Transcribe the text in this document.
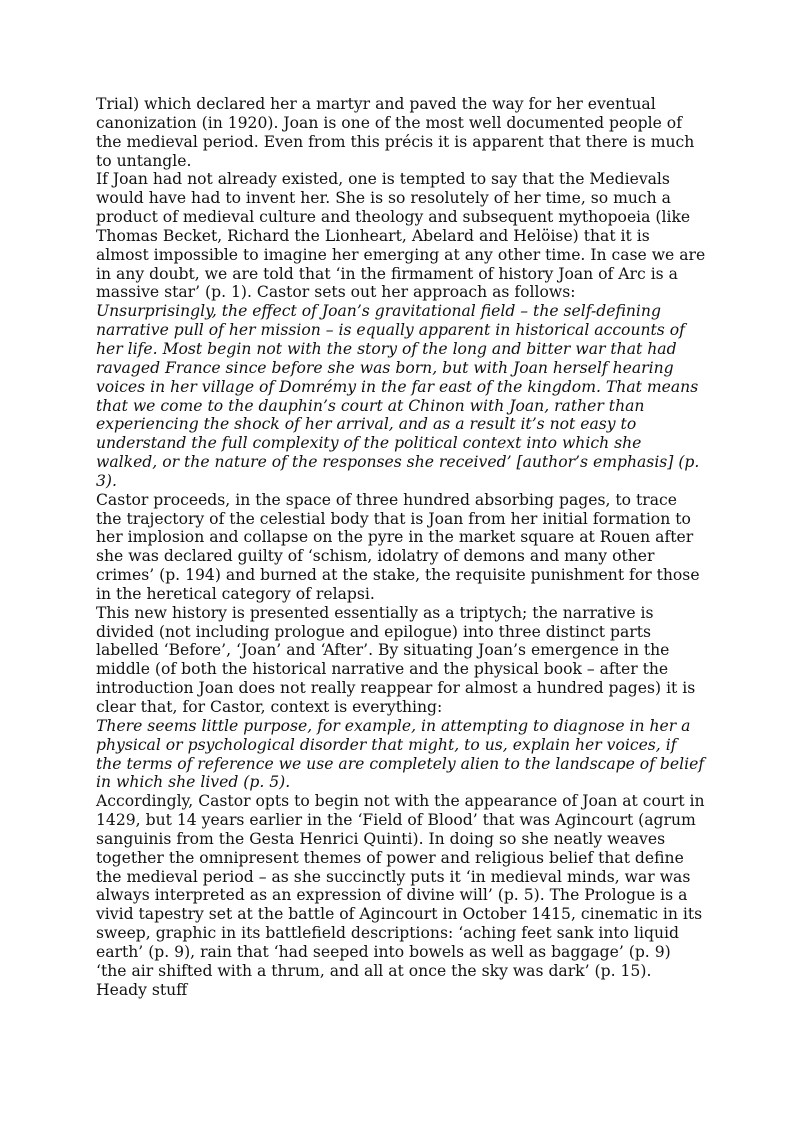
Trial) which declared her a martyr and paved the way for her eventual canonization (in 1920). Joan is one of the most well documented people of the medieval period. Even from this précis it is apparent that there is much to untangle.

If Joan had not already existed, one is tempted to say that the Medievals would have had to invent her. She is so resolutely of her time, so much a product of medieval culture and theology and subsequent mythopoeia (like Thomas Becket, Richard the Lionheart, Abelard and Helöise) that it is almost impossible to imagine her emerging at any other time. In case we are in any doubt, we are told that ‘in the firmament of history Joan of Arc is a massive star’ (p. 1). Castor sets out her approach as follows:

Unsurprisingly, the effect of Joan’s gravitational field – the self-defining narrative pull of her mission – is equally apparent in historical accounts of her life. Most begin not with the story of the long and bitter war that had ravaged France since before she was born, but with Joan herself hearing voices in her village of Domrémy in the far east of the kingdom. That means that we come to the dauphin’s court at Chinon with Joan, rather than experiencing the shock of her arrival, and as a result it’s not easy to understand the full complexity of the political context into which she walked, or the nature of the responses she received’ [author’s emphasis] (p. 3).

Castor proceeds, in the space of three hundred absorbing pages, to trace the trajectory of the celestial body that is Joan from her initial formation to her implosion and collapse on the pyre in the market square at Rouen after she was declared guilty of ‘schism, idolatry of demons and many other crimes’ (p. 194) and burned at the stake, the requisite punishment for those in the heretical category of relapsi.

This new history is presented essentially as a triptych; the narrative is divided (not including prologue and epilogue) into three distinct parts labelled ‘Before’, ‘Joan’ and ‘After’. By situating Joan’s emergence in the middle (of both the historical narrative and the physical book – after the introduction Joan does not really reappear for almost a hundred pages) it is clear that, for Castor, context is everything:

There seems little purpose, for example, in attempting to diagnose in her a physical or psychological disorder that might, to us, explain her voices, if the terms of reference we use are completely alien to the landscape of belief in which she lived (p. 5).

Accordingly, Castor opts to begin not with the appearance of Joan at court in 1429, but 14 years earlier in the ‘Field of Blood’ that was Agincourt (agrum sanguinis from the Gesta Henrici Quinti). In doing so she neatly weaves together the omnipresent themes of power and religious belief that define the medieval period – as she succinctly puts it ‘in medieval minds, war was always interpreted as an expression of divine will’ (p. 5). The Prologue is a vivid tapestry set at the battle of Agincourt in October 1415, cinematic in its sweep, graphic in its battlefield descriptions: ‘aching feet sank into liquid earth’ (p. 9), rain that ‘had seeped into bowels as well as baggage’ (p. 9) ‘the air shifted with a thrum, and all at once the sky was dark’ (p. 15). Heady stuff
